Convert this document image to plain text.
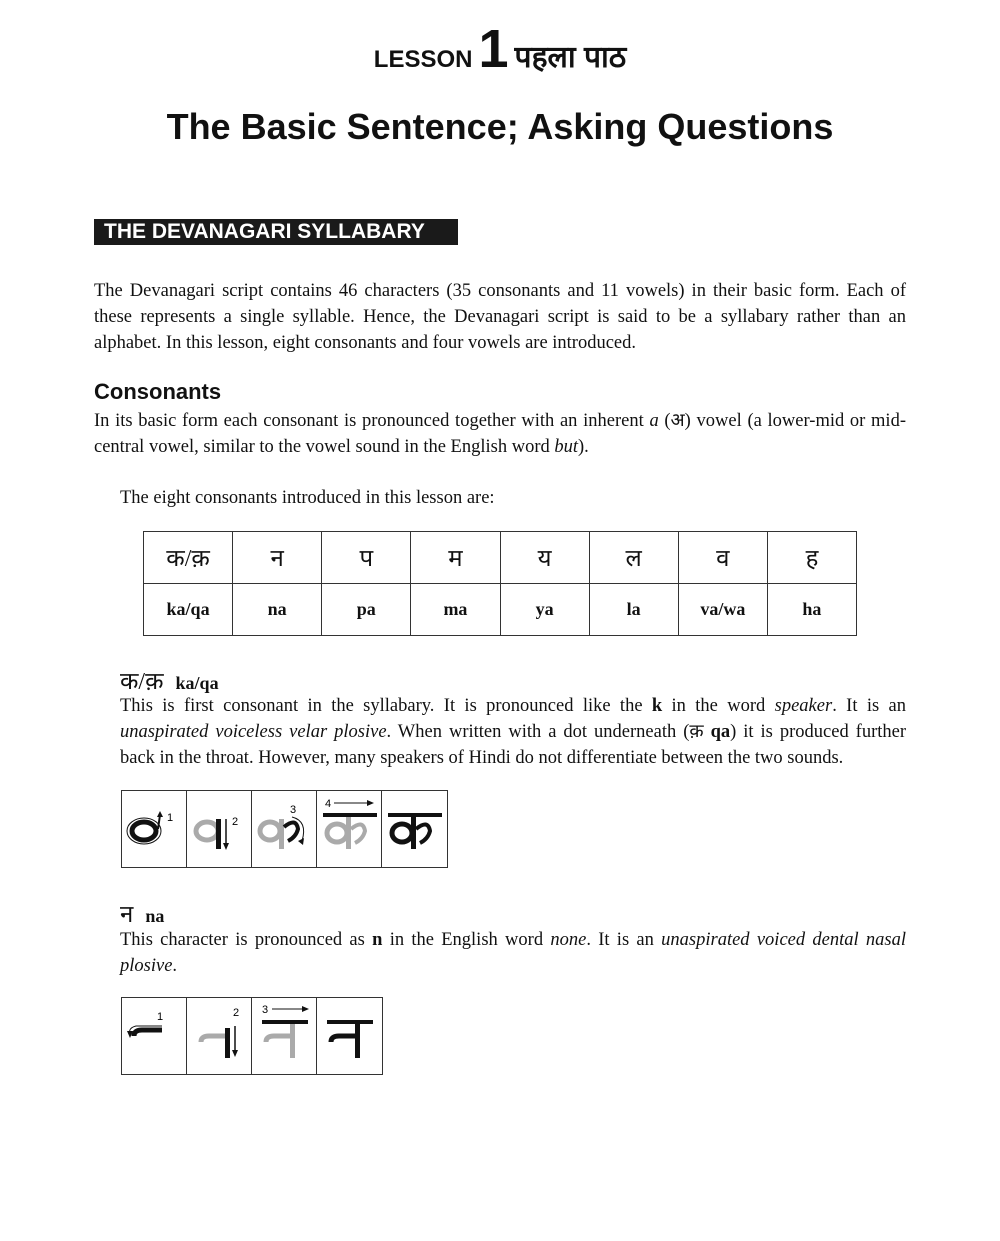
LESSON 1 पहला पाठ
The Basic Sentence; Asking Questions
THE DEVANAGARI SYLLABARY
The Devanagari script contains 46 characters (35 consonants and 11 vowels) in their basic form. Each of these represents a single syllable. Hence, the Devanagari script is said to be a syllabary rather than an alphabet. In this lesson, eight consonants and four vowels are introduced.
Consonants
In its basic form each consonant is pronounced together with an inherent a (अ) vowel (a lower-mid or mid-central vowel, similar to the vowel sound in the English word but).
The eight consonants introduced in this lesson are:
क/क़	न	प	म	य	ल	व	ह
ka/qa	na	pa	ma	ya	la	va/wa	ha
क/क़ ka/qa
This is first consonant in the syllabary. It is pronounced like the k in the word speaker. It is an unaspirated voiceless velar plosive. When written with a dot underneath (क़ qa) it is produced further back in the throat. However, many speakers of Hindi do not differentiate between the two sounds.
1	2
3	4
न na
This character is pronounced as n in the English word none. It is an unaspirated voiced dental nasal plosive.
1	2 3
